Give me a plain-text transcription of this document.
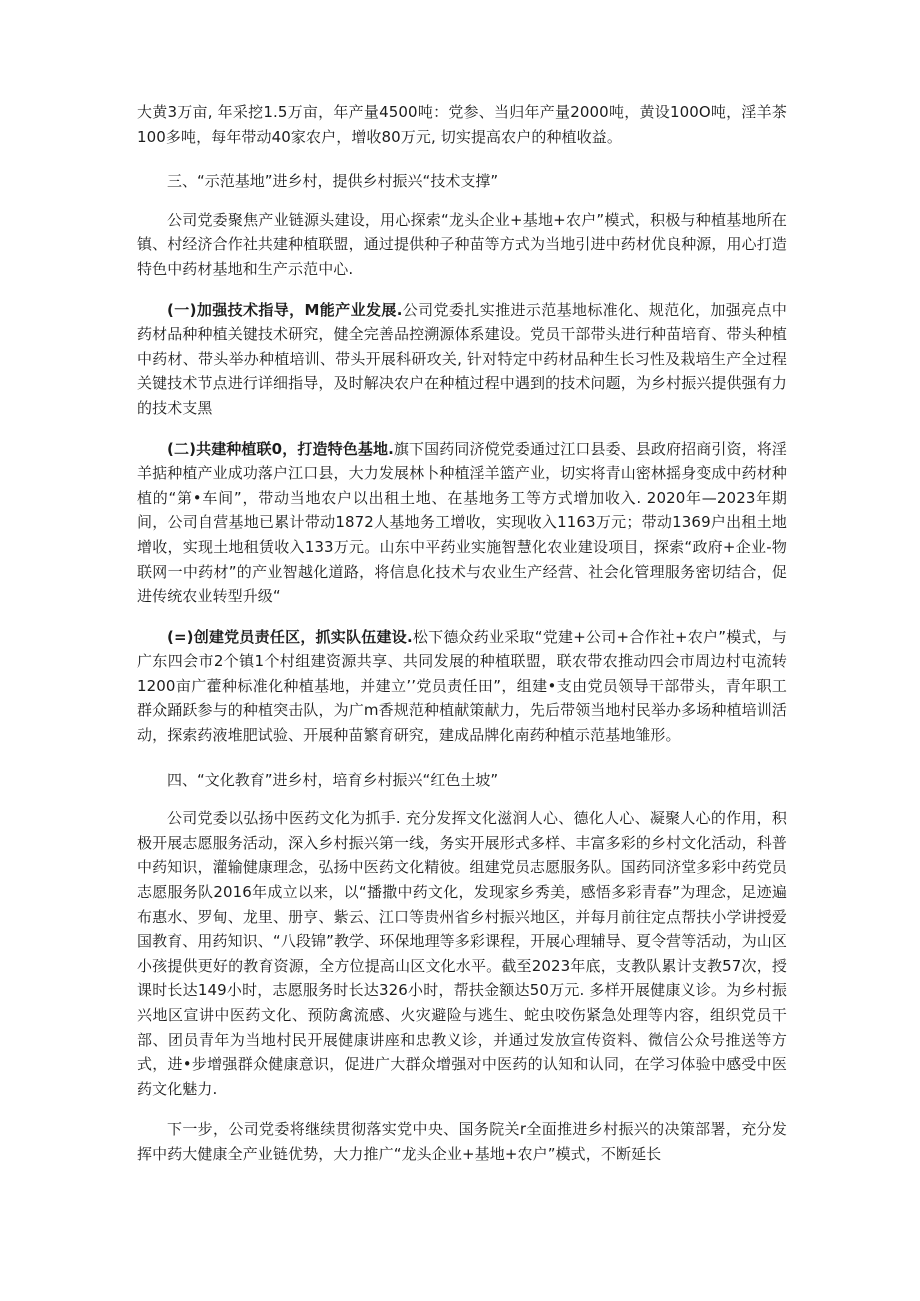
大黄3万亩, 年采挖1.5万亩，年产量4500吨：党参、当归年产量2000吨，黄设100O吨，淫羊茶100多吨，每年带动40家农户，增收80万元, 切实提高农户的种植收益。

三、“示范基地”进乡村，提供乡村振兴“技术支撑”

公司党委聚焦产业链源头建设，用心探索“龙头企业+基地+农户”模式，积极与种植基地所在镇、村经济合作社共建种植联盟，通过提供种子种苗等方式为当地引进中药材优良种源，用心打造特色中药材基地和生产示范中心.

(一)加强技术指导，M能产业发展.公司党委扎实推进示范基地标准化、规范化，加强亮点中药材品种种植关键技术研究，健全完善品控溯源体系建设。党员干部带头进行种苗培育、带头种植中药材、带头举办种植培训、带头开展科研攻关, 针对特定中药材品种生长习性及栽培生产全过程关键技术节点进行详细指导，及时解决农户在种植过程中遇到的技术问题，为乡村振兴提供强有力的技术支黑

(二)共建种植联0，打造特色基地.旗下国药同济傥党委通过江口县委、县政府招商引资，将淫羊掂种植产业成功落户江口县，大力发展林卜种植淫羊篮产业，切实将青山密林摇身变成中药材种植的“第•车间”，带动当地农户以出租土地、在基地务工等方式增加收入. 2020年—2023年期间，公司自营基地已累计带动1872人基地务工增收，实现收入1163万元；带动1369户出租土地增收，实现土地租赁收入133万元。山东中平药业实施智慧化农业建设项目，探索“政府+企业-物联网一中药材”的产业智越化道路，将信息化技术与农业生产经营、社会化管理服务密切结合，促进传统农业转型升级“

(=)创建党员责任区，抓实队伍建设.松下德众药业采取“党建+公司+合作社+农户”模式，与广东四会市2个镇1个村组建资源共享、共同发展的种植联盟，联农带农推动四会市周边村屯流转1200亩广藿种标准化种植基地，并建立’’党员责任田”，组建•支由党员领导干部带头，青年职工群众踊跃参与的种植突击队，为广m香规范种植献策献力，先后带领当地村民举办多场种植培训活动，探索药液堆肥试验、开展种苗繁育研究，建成品牌化南药种植示范基地雏形。

四、“文化教育”进乡村，培育乡村振兴“红色土坡”

公司党委以弘扬中医药文化为抓手. 充分发挥文化滋润人心、德化人心、凝聚人心的作用，积极开展志愿服务活动，深入乡村振兴第一线，务实开展形式多样、丰富多彩的乡村文化活动，科普中药知识，灌输健康理念，弘扬中医药文化精彼。组建党员志愿服务队。国药同济堂多彩中药党员志愿服务队2016年成立以来，以“播撒中药文化，发现家乡秀美，感悟多彩青春”为理念，足迹遍布惠水、罗甸、龙里、册亨、紫云、江口等贵州省乡村振兴地区，并每月前往定点帮扶小学讲授爱国教育、用药知识、“八段锦”教学、环保地理等多彩课程，开展心理辅导、夏令营等活动，为山区小孩提供更好的教育资源，全方位提高山区文化水平。截至2023年底，支教队累计支教57次，授课时长达149小时，志愿服务时长达326小时，帮扶金额达50万元. 多样开展健康义诊。为乡村振兴地区宣讲中医药文化、预防禽流感、火灾避险与逃生、蛇虫咬伤紧急处理等内容，组织党员干部、团员青年为当地村民开展健康讲座和忠教义诊，并通过发放宣传资料、微信公众号推送等方式，进•步增强群众健康意识，促进广大群众增强对中医药的认知和认同，在学习体验中感受中医药文化魅力.

下一步，公司党委将继续贯彻落实党中央、国务院关r全面推进乡村振兴的决策部署，充分发挥中药大健康全产业链优势，大力推广“龙头企业+基地+农户”模式，不断延长
